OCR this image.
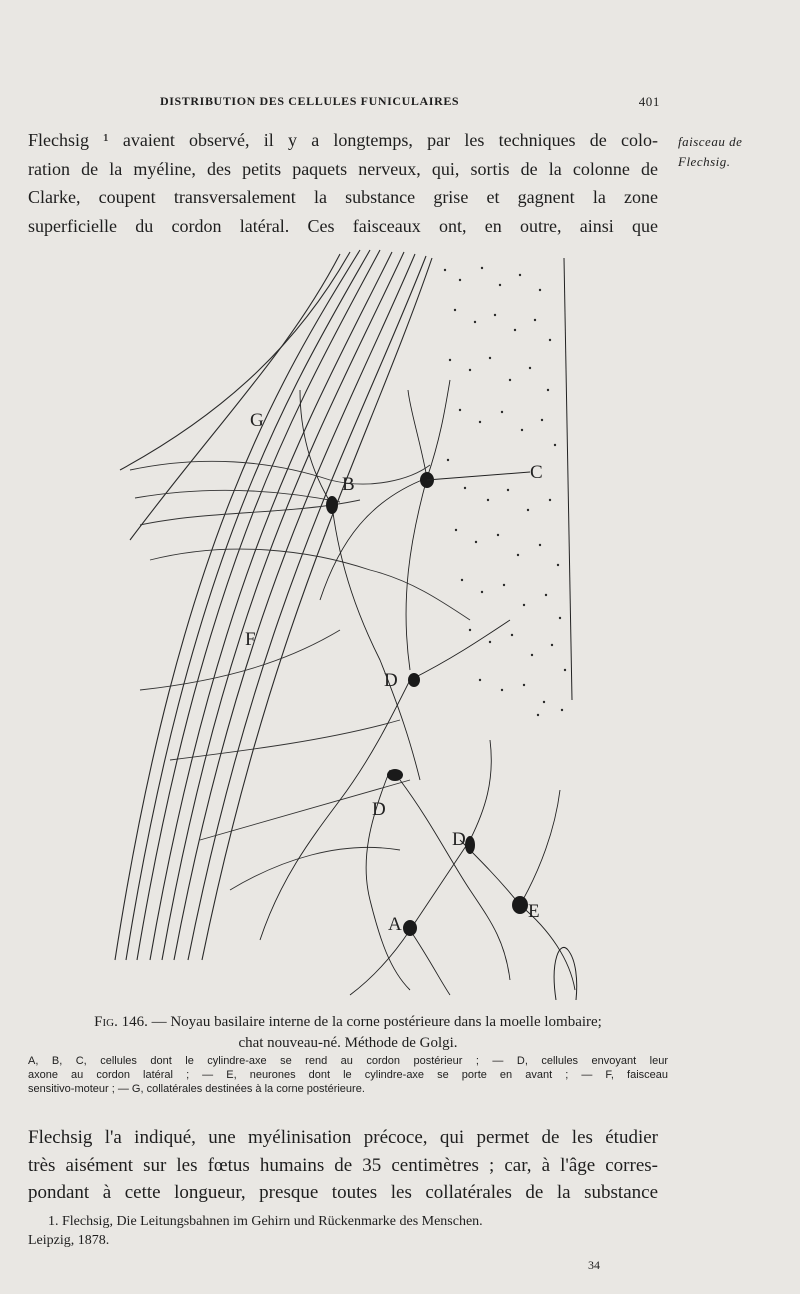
DISTRIBUTION DES CELLULES FUNICULAIRES	401
Flechsig ¹ avaient observé, il y a longtemps, par les techniques de colo-
ration de la myéline, des petits paquets nerveux, qui, sortis de la colonne de
Clarke, coupent transversalement la substance grise et gagnent la zone
superficielle du cordon latéral. Ces faisceaux ont, en outre, ainsi que
faisceau de
Flechsig.
G
B
C
F
D
D
D
A
E
Fig. 146. — Noyau basilaire interne de la corne postérieure dans la moelle lombaire;
chat nouveau-né. Méthode de Golgi.
A, B, C, cellules dont le cylindre-axe se rend au cordon postérieur ; — D, cellules envoyant leur
axone au cordon latéral ; — E, neurones dont le cylindre-axe se porte en avant ; — F, faisceau
sensitivo-moteur ; — G, collatérales destinées à la corne postérieure.
Flechsig l'a indiqué, une myélinisation précoce, qui permet de les étudier
très aisément sur les fœtus humains de 35 centimètres ; car, à l'âge corres-
pondant à cette longueur, presque toutes les collatérales de la substance
1. Flechsig, Die Leitungsbahnen im Gehirn und Rückenmarke des Menschen.
Leipzig, 1878.
34
